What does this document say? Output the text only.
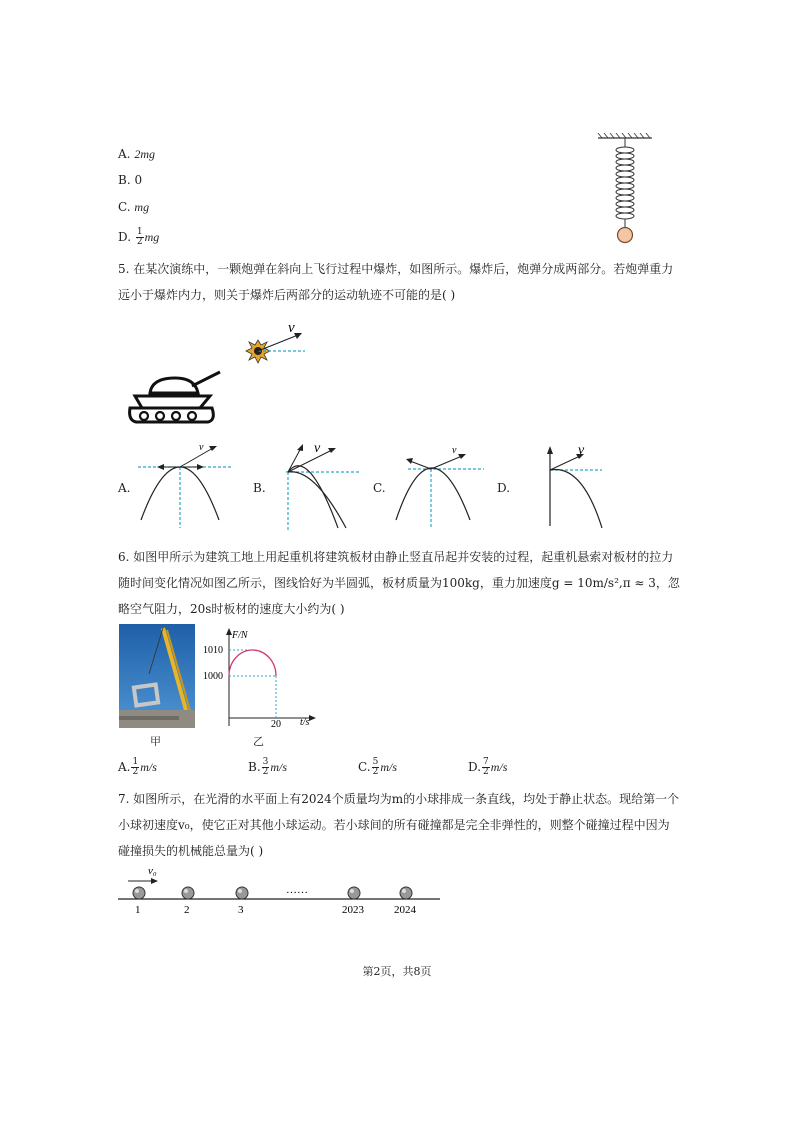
A. 2mg
B. 0
C. mg
D. $\frac{1}{2}$ mg
5. 在某次演练中，一颗炮弹在斜向上飞行过程中爆炸，如图所示。爆炸后，炮弹分成两部分。若炮弹重力
远小于爆炸内力，则关于爆炸后两部分的运动轨迹不可能的是( )
v
A.
v
B.
v
C.
v
D.
v
6. 如图甲所示为建筑工地上用起重机将建筑板材由静止竖直吊起并安装的过程，起重机悬索对板材的拉力
随时间变化情况如图乙所示，图线恰好为半圆弧，板材质量为100kg，重力加速度g = 10m/s²,π ≈ 3，忽
略空气阻力，20s时板材的速度大小约为( )
甲
F/N
t/s
1010
1000
20
乙
A. $\frac{1}{2} m/s$	B. $\frac{3}{2} m/s$	C. $\frac{5}{2} m/s$	D. $\frac{7}{2} m/s$
7. 如图所示，在光滑的水平面上有2024个质量均为m的小球排成一条直线，均处于静止状态。现给第一个
小球初速度v₀，使它正对其他小球运动。若小球间的所有碰撞都是完全非弹性的，则整个碰撞过程中因为
碰撞损失的机械能总量为( )
v₀
……
1	2	3	2023	2024
第2页，共8页
